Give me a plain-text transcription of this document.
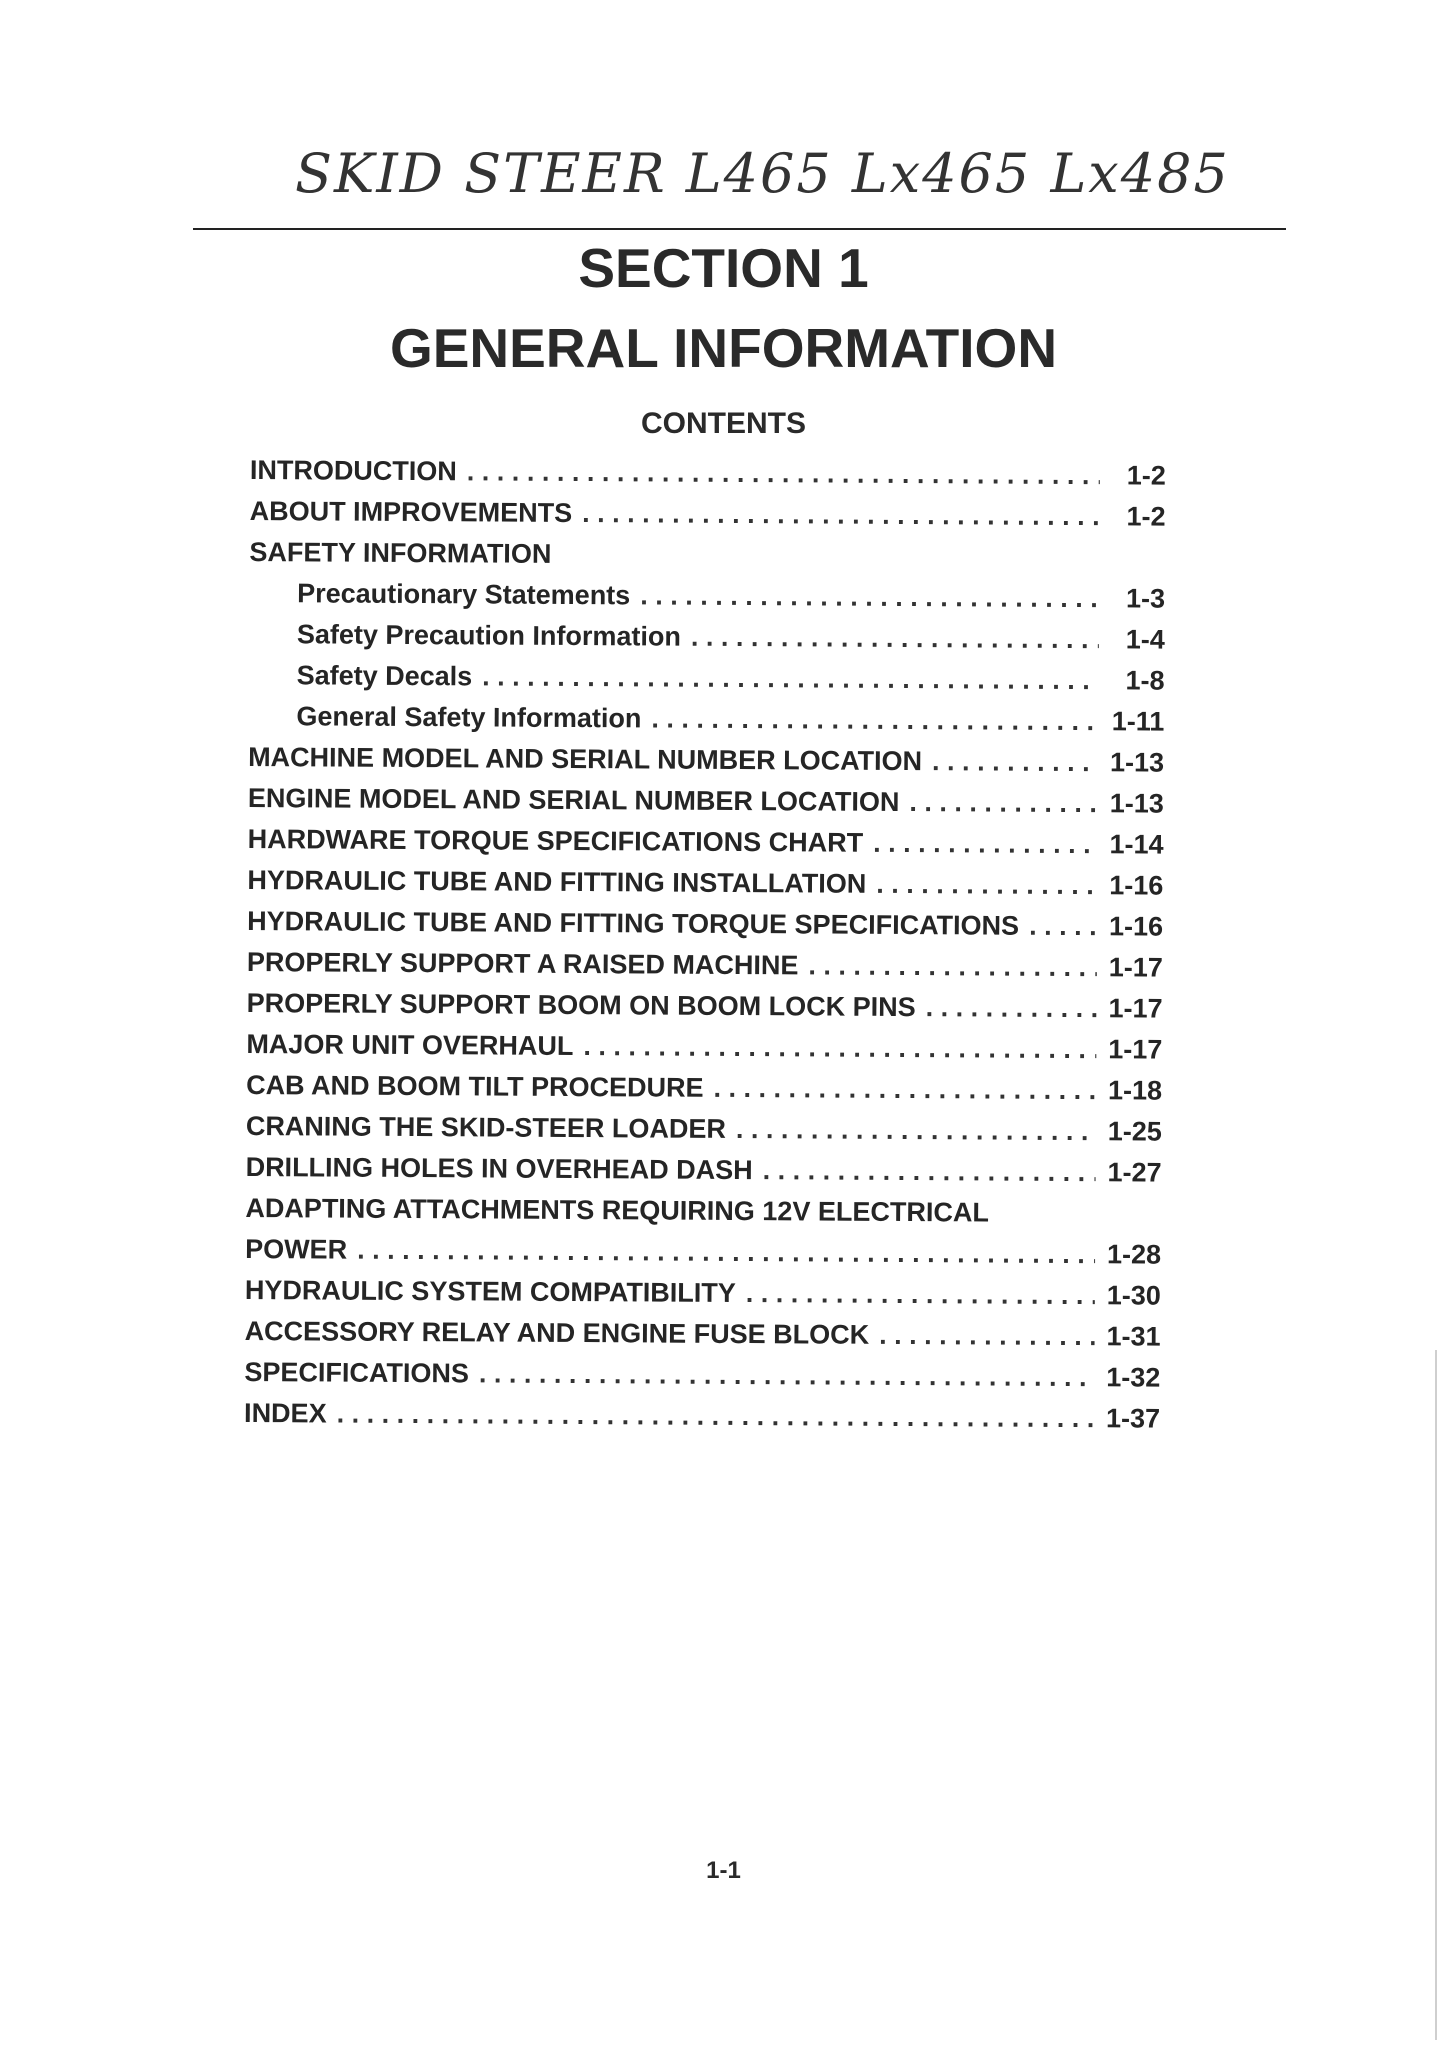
SKID STEER L465 Lx465 Lx485
SECTION 1
GENERAL INFORMATION
CONTENTS
INTRODUCTION . . .	1-2
ABOUT IMPROVEMENTS . . .	1-2
SAFETY INFORMATION
Precautionary Statements . . .	1-3
Safety Precaution Information . . .	1-4
Safety Decals . . .	1-8
General Safety Information . . .	1-11
MACHINE MODEL AND SERIAL NUMBER LOCATION . . .	1-13
ENGINE MODEL AND SERIAL NUMBER LOCATION . . .	1-13
HARDWARE TORQUE SPECIFICATIONS CHART . . .	1-14
HYDRAULIC TUBE AND FITTING INSTALLATION . . .	1-16
HYDRAULIC TUBE AND FITTING TORQUE SPECIFICATIONS . . .	1-16
PROPERLY SUPPORT A RAISED MACHINE . . .	1-17
PROPERLY SUPPORT BOOM ON BOOM LOCK PINS . . .	1-17
MAJOR UNIT OVERHAUL . . .	1-17
CAB AND BOOM TILT PROCEDURE . . .	1-18
CRANING THE SKID-STEER LOADER . . .	1-25
DRILLING HOLES IN OVERHEAD DASH . . .	1-27
ADAPTING ATTACHMENTS REQUIRING 12V ELECTRICAL
POWER . . .	1-28
HYDRAULIC SYSTEM COMPATIBILITY . . .	1-30
ACCESSORY RELAY AND ENGINE FUSE BLOCK . . .	1-31
SPECIFICATIONS . . .	1-32
INDEX . . .	1-37
1-1
